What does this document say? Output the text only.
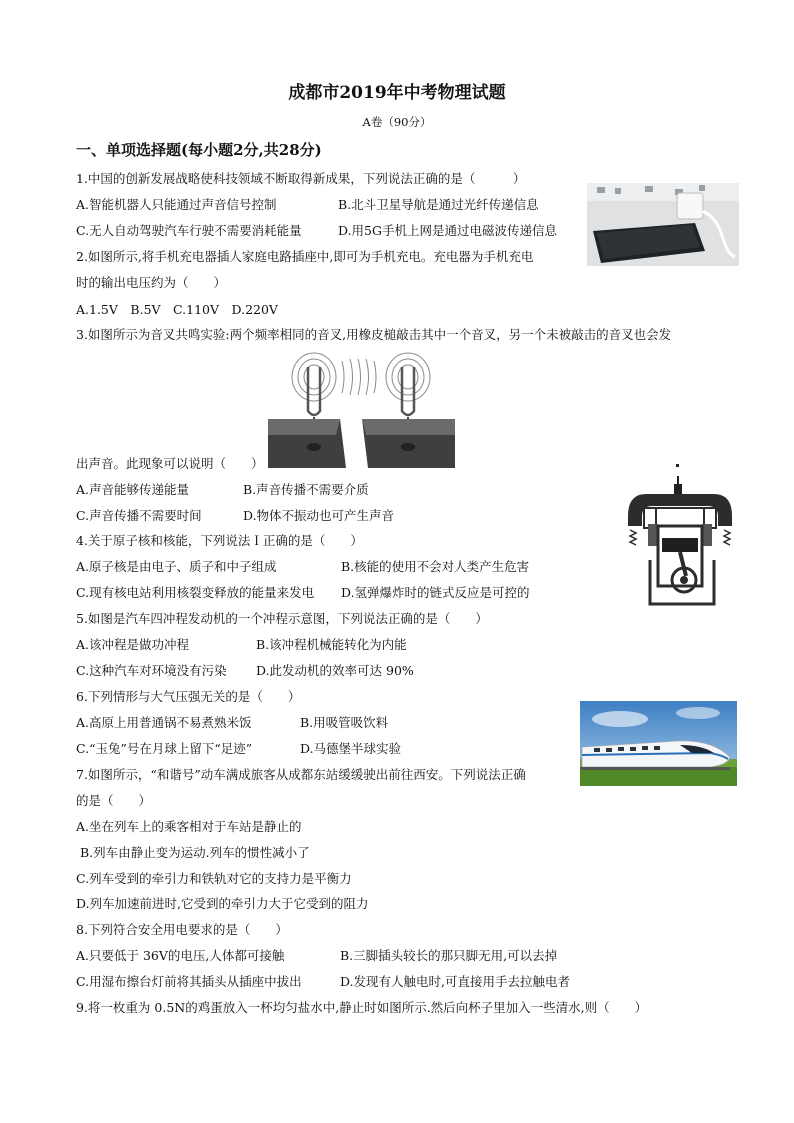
成都市2019年中考物理试题
A卷（90分）
一、单项选择题(每小题2分,共28分)
1.中国的创新发展战略使科技领域不断取得新成果，下列说法正确的是（　　　）
A.智能机器人只能通过声音信号控制	B.北斗卫星导航是通过光纤传递信息
C.无人自动驾驶汽车行驶不需要消耗能量	D.用5G手机上网是通过电磁波传递信息
2.如图所示,将手机充电器插人家庭电路插座中,即可为手机充电。充电器为手机充电
时的输出电压约为（　　）
A.1.5V　B.5V　C.110V　D.220V
3.如图所示为音叉共鸣实验:两个频率相同的音叉,用橡皮槌敲击其中一个音叉，另一个未被敲击的音叉也会发
出声音。此现象可以说明（　　）
A.声音能够传递能量	B.声音传播不需要介质
C.声音传播不需要时间	D.物体不振动也可产生声音
4.关于原子核和核能，下列说法Ｉ正确的是（　　）
A.原子核是由电子、质子和中子组成	B.核能的使用不会对人类产生危害
C.现有核电站利用核裂变释放的能量来发电 D.氢弹爆炸时的链式反应是可控的
5.如图是汽车四冲程发动机的一个冲程示意图，下列说法正确的是（　　）
A.该冲程是做功冲程	B.该冲程机械能转化为内能
C.这种汽车对环境没有污染 D.此发动机的效率可达 90%
6.下列情形与大气压强无关的是（　　）
A.高原上用普通锅不易煮熟米饭	B.用吸管吸饮料
C.“玉兔”号在月球上留下“足迹”	D.马德堡半球实验
7.如图所示，“和谐号”动车满成旅客从成都东站缓缓驶出前往西安。下列说法正确
的是（　　）
A.坐在列车上的乘客相对于车站是静止的
B.列车由静止变为运动.列车的惯性减小了
C.列车受到的牵引力和铁轨对它的支持力是平衡力
D.列车加速前进时,它受到的牵引力大于它受到的阻力
8.下列符合安全用电要求的是（　　）
A.只要低于 36V的电压,人体都可接触	B.三脚插头较长的那只脚无用,可以去掉
C.用湿布擦台灯前将其插头从插座中拔出	D.发现有人触电时,可直接用手去拉触电者
9.将一枚重为 0.5N的鸡蛋放入一杯均匀盐水中,静止时如图所示.然后向杯子里加入一些清水,则（　　）
